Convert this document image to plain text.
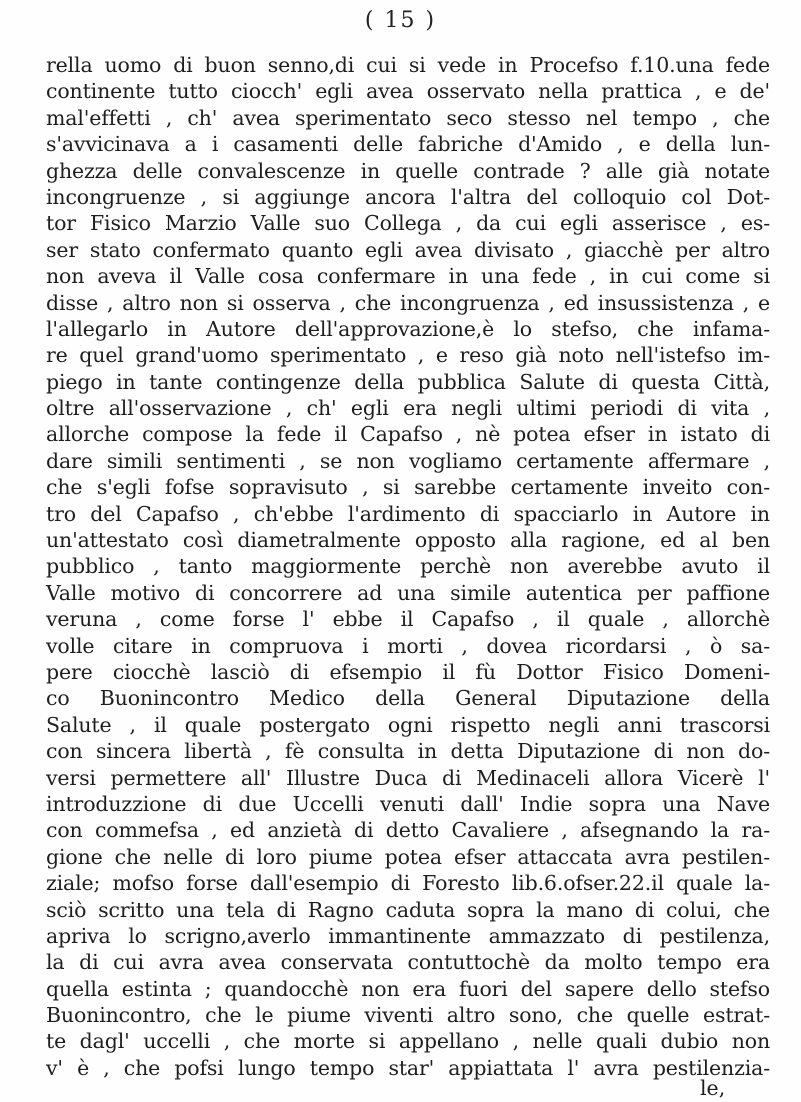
( 15 )
rella uomo di buon senno,di cui si vede in Procefso f.10.una fede
continente tutto ciocch' egli avea osservato nella prattica , e de'
mal'effetti , ch' avea sperimentato seco stesso nel tempo , che
s'avvicinava a i casamenti delle fabriche d'Amido , e della lun-
ghezza delle convalescenze in quelle contrade ? alle già notate
incongruenze , si aggiunge ancora l'altra del colloquio col Dot-
tor Fisico Marzio Valle suo Collega , da cui egli asserisce , es-
ser stato confermato quanto egli avea divisato , giacchè per altro
non aveva il Valle cosa confermare in una fede , in cui come si
disse , altro non si osserva , che incongruenza , ed insussistenza , e
l'allegarlo in Autore dell'approvazione,è lo stefso, che infama-
re quel grand'uomo sperimentato , e reso già noto nell'istefso im-
piego in tante contingenze della pubblica Salute di questa Città,
oltre all'osservazione , ch' egli era negli ultimi periodi di vita ,
allorche compose la fede il Capafso , nè potea efser in istato di
dare simili sentimenti , se non vogliamo certamente affermare ,
che s'egli fofse sopravisuto , si sarebbe certamente inveito con-
tro del Capafso , ch'ebbe l'ardimento di spacciarlo in Autore in
un'attestato così diametralmente opposto alla ragione, ed al ben
pubblico , tanto maggiormente perchè non averebbe avuto il
Valle motivo di concorrere ad una simile autentica per paffione
veruna , come forse l' ebbe il Capafso , il quale , allorchè
volle citare in compruova i morti , dovea ricordarsi , ò sa-
pere ciocchè lasciò di efsempio il fù Dottor Fisico Domeni-
co Buonincontro Medico della General Diputazione della
Salute , il quale postergato ogni rispetto negli anni trascorsi
con sincera libertà , fè consulta in detta Diputazione di non do-
versi permettere all' Illustre Duca di Medinaceli allora Vicerè l'
introduzzione di due Uccelli venuti dall' Indie sopra una Nave
con commefsa , ed anzietà di detto Cavaliere , afsegnando la ra-
gione che nelle di loro piume potea efser attaccata avra pestilen-
ziale; mofso forse dall'esempio di Foresto lib.6.ofser.22.il quale la-
sciò scritto una tela di Ragno caduta sopra la mano di colui, che
apriva lo scrigno,averlo immantinente ammazzato di pestilenza,
la di cui avra avea conservata contuttochè da molto tempo era
quella estinta ; quandocchè non era fuori del sapere dello stefso
Buonincontro, che le piume viventi altro sono, che quelle estrat-
te dagl' uccelli , che morte si appellano , nelle quali dubio non
v' è , che pofsi lungo tempo star' appiattata l' avra pestilenzia-
le,
